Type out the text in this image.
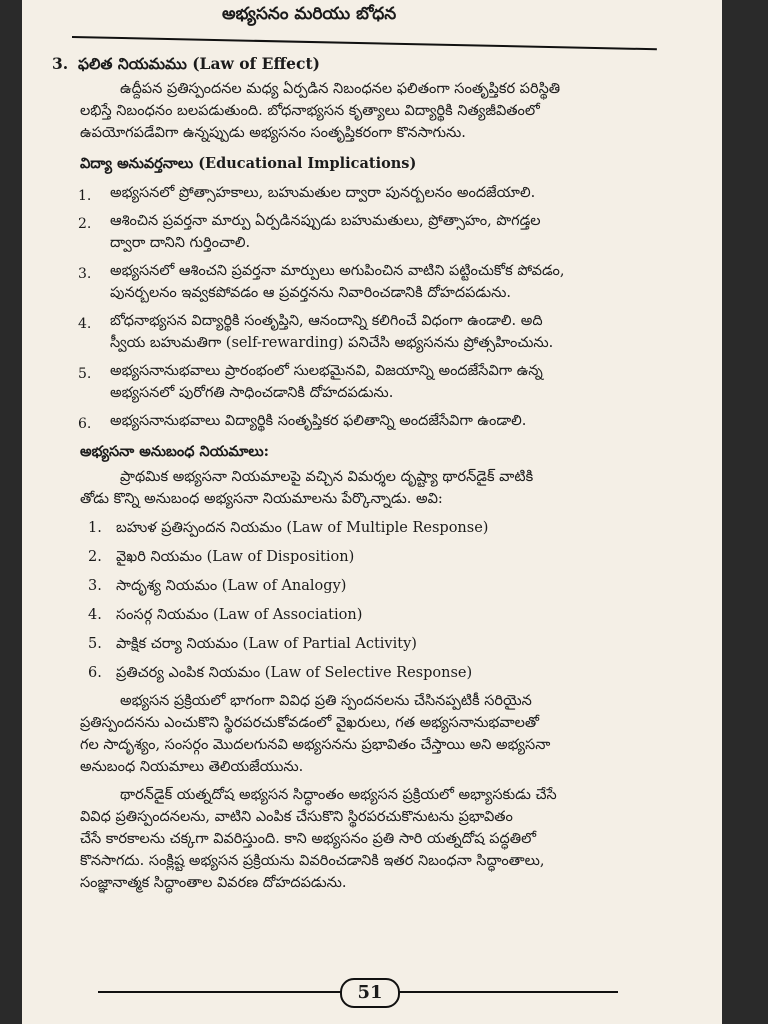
అభ్యసనం మరియు బోధన
3. ఫలిత నియమము (Law of Effect)
ఉద్దీపన ప్రతిస్పందనల మధ్య ఏర్పడిన నిబంధనల ఫలితంగా సంతృప్తికర పరిస్థితి
లభిస్తే నిబంధనం బలపడుతుంది. బోధనాభ్యసన కృత్యాలు విద్యార్థికి నిత్యజీవితంలో
ఉపయోగపడేవిగా ఉన్నప్పుడు అభ్యసనం సంతృప్తికరంగా కొనసాగును.
విద్యా అనువర్తనాలు (Educational Implications)
1. అభ్యసనలో ప్రోత్సాహకాలు, బహుమతుల ద్వారా పునర్బలనం అందజేయాలి.
2. ఆశించిన ప్రవర్తనా మార్పు ఏర్పడినప్పుడు బహుమతులు, ప్రోత్సాహం, పొగడ్తల
ద్వారా దానిని గుర్తించాలి.
3. అభ్యసనలో ఆశించని ప్రవర్తనా మార్పులు అగుపించిన వాటిని పట్టించుకోక పోవడం,
పునర్బలనం ఇవ్వకపోవడం ఆ ప్రవర్తనను నివారించడానికి దోహదపడును.
4. బోధనాభ్యసన విద్యార్థికి సంతృప్తిని, ఆనందాన్ని కలిగించే విధంగా ఉండాలి. అది
స్వీయ బహుమతిగా (self-rewarding) పనిచేసి అభ్యసనను ప్రోత్సహించును.
5. అభ్యసనానుభవాలు ప్రారంభంలో సులభమైనవి, విజయాన్ని అందజేసేవిగా ఉన్న
అభ్యసనలో పురోగతి సాధించడానికి దోహదపడును.
6. అభ్యసనానుభవాలు విద్యార్థికి సంతృప్తికర ఫలితాన్ని అందజేసేవిగా ఉండాలి.
అభ్యసనా అనుబంధ నియమాలు:
ప్రాథమిక అభ్యసనా నియమాలపై వచ్చిన విమర్శల దృష్ట్యా థారన్‌డైక్ వాటికి
తోడు కొన్ని అనుబంధ అభ్యసనా నియమాలను పేర్కొన్నాడు. అవి:
1. బహుళ ప్రతిస్పందన నియమం (Law of Multiple Response)
2. వైఖరి నియమం (Law of Disposition)
3. సాదృశ్య నియమం (Law of Analogy)
4. సంసర్గ నియమం (Law of Association)
5. పాక్షిక చర్యా నియమం (Law of Partial Activity)
6. ప్రతిచర్య ఎంపిక నియమం (Law of Selective Response)
అభ్యసన ప్రక్రియలో భాగంగా వివిధ ప్రతి స్పందనలను చేసినప్పటికీ సరియైన
ప్రతిస్పందనను ఎంచుకొని స్థిరపరచుకోవడంలో వైఖరులు, గత అభ్యసనానుభవాలతో
గల సాదృశ్యం, సంసర్గం మొదలగునవి అభ్యసనను ప్రభావితం చేస్తాయి అని అభ్యసనా
అనుబంధ నియమాలు తెలియజేయును.
థారన్‌డైక్ యత్నదోష అభ్యసన సిద్ధాంతం అభ్యసన ప్రక్రియలో అభ్యాసకుడు చేసే
వివిధ ప్రతిస్పందనలను, వాటిని ఎంపిక చేసుకొని స్థిరపరచుకొనుటను ప్రభావితం
చేసే కారకాలను చక్కగా వివరిస్తుంది. కాని అభ్యసనం ప్రతి సారి యత్నదోష పద్ధతిలో
కొనసాగదు. సంక్లిష్ట అభ్యసన ప్రక్రియను వివరించడానికి ఇతర నిబంధనా సిద్ధాంతాలు,
సంజ్ఞానాత్మక సిద్ధాంతాల వివరణ దోహదపడును.
51
